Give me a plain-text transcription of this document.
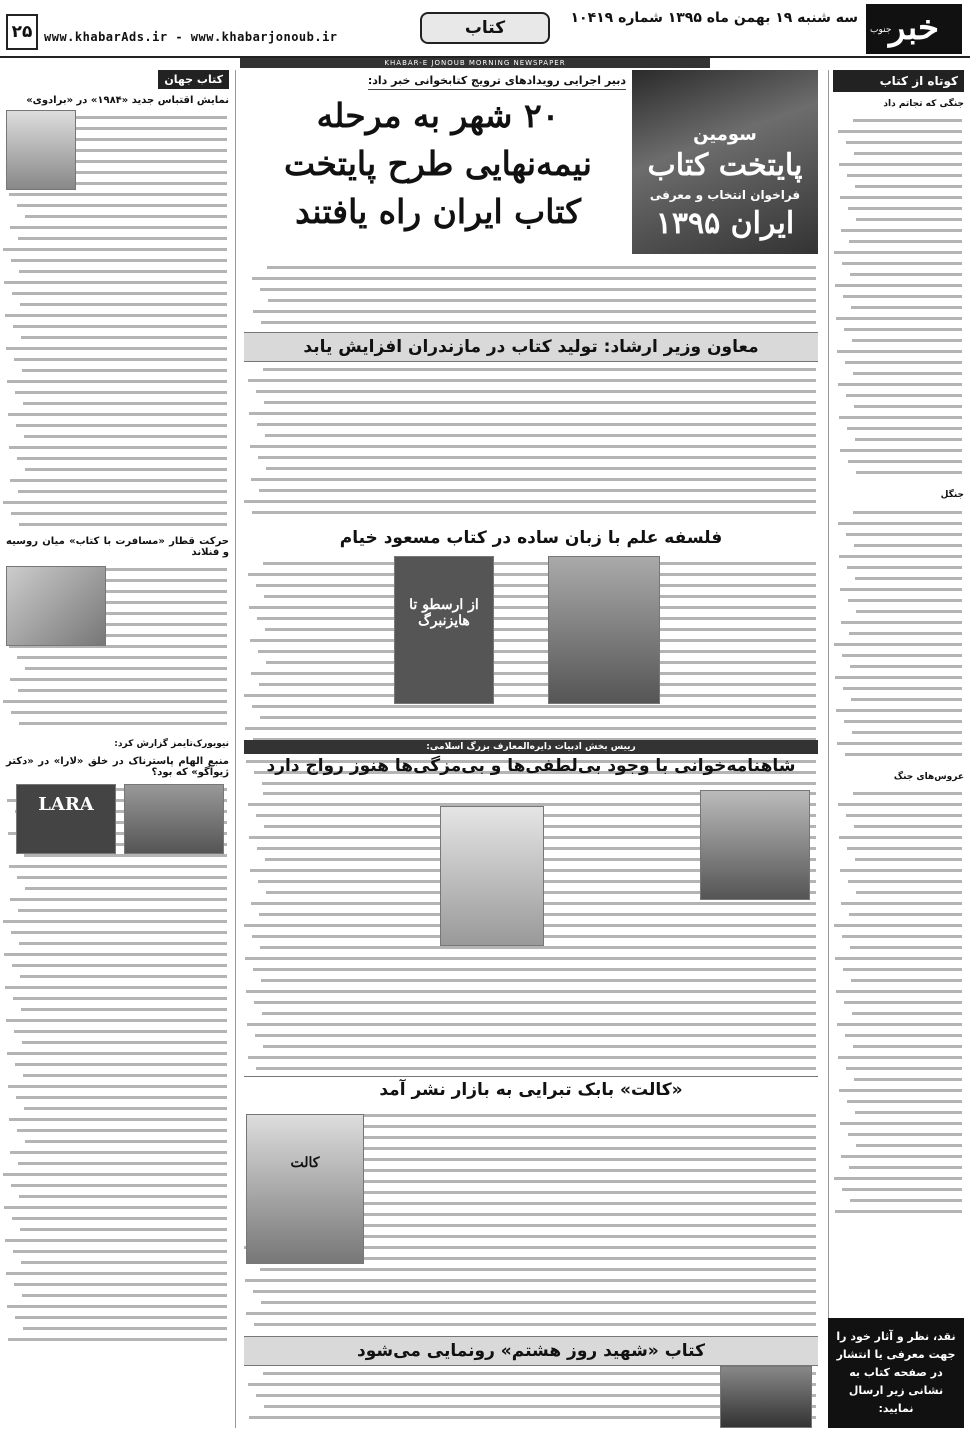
جنوب
خبر
سه شنبه ۱۹ بهمن ماه ۱۳۹۵ شماره ۱۰۴۱۹
کتاب
www.khabarAds.ir - www.khabarjonoub.ir
۲۵
KHABAR-E JONOUB MORNING NEWSPAPER
کوتاه از کتاب
جنگی که تجاتم داد
جنگل
عروس‌های جنگ
نقد، نظر و آثار خود را جهت معرفی یا انتشار در صفحه کتاب به نشانی زیر ارسال نمایید:
ketab@khabarads.ir
کتاب جهان
نمایش اقتباس جدید «۱۹۸۴» در «برادوی»
حرکت قطار «مسافرت با کتاب» میان روسیه و فنلاند
نیویورک‌تایمز گزارش کرد:
منبع الهام پاسترناک در خلق «لارا» در «دکتر ژیواگو» که بود؟
LARA
سومین
پایتخت کتاب
فراخوان انتخاب و معرفی
ایران ۱۳۹۵
دبیر اجرایی رویدادهای ترویج کتابخوانی خبر داد:
۲۰ شهر به مرحله نیمه‌نهایی طرح پایتخت کتاب ایران راه یافتند
معاون وزیر ارشاد: تولید کتاب در مازندران افزایش یابد
فلسفه علم با زبان ساده در کتاب مسعود خیام
از ارسطو تا هایزنبرگ
رییس بخش ادبیات دایره‌المعارف بزرگ اسلامی:
شاهنامه‌خوانی با وجود بی‌لطفی‌ها و بی‌مزگی‌ها هنوز رواج دارد
«کالت» بابک تبرایی به بازار نشر آمد
کالت
کتاب «شهید روز هشتم» رونمایی می‌شود
